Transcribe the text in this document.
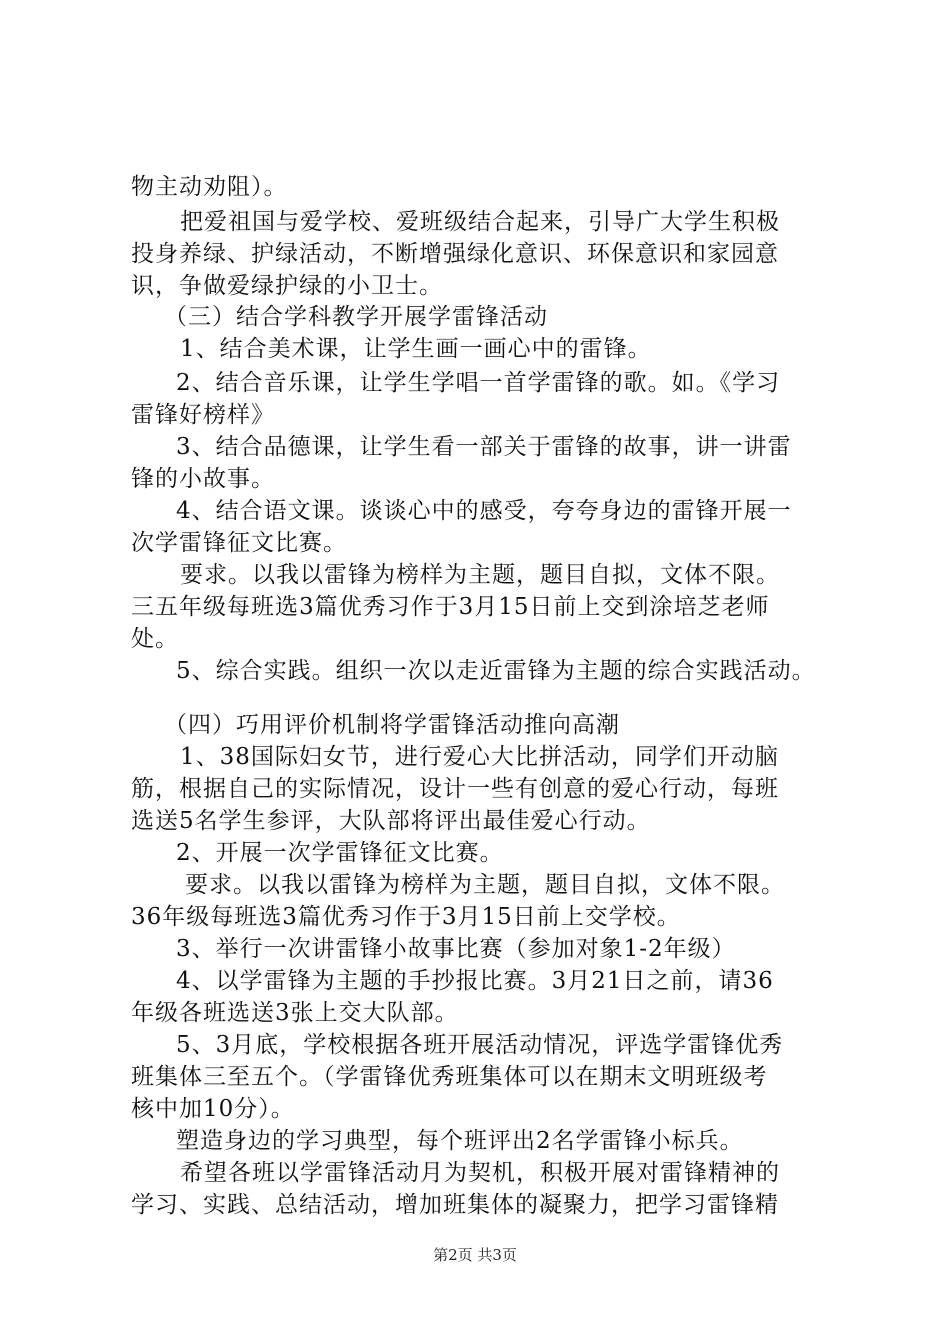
物主动劝阻）。
把爱祖国与爱学校、爱班级结合起来，引导广大学生积极
投身养绿、护绿活动，不断增强绿化意识、环保意识和家园意
识，争做爱绿护绿的小卫士。
（三）结合学科教学开展学雷锋活动
1、结合美术课，让学生画一画心中的雷锋。
2、结合音乐课，让学生学唱一首学雷锋的歌。如。《学习
雷锋好榜样》
3、结合品德课，让学生看一部关于雷锋的故事，讲一讲雷
锋的小故事。
4、结合语文课。谈谈心中的感受，夸夸身边的雷锋开展一
次学雷锋征文比赛。
要求。以我以雷锋为榜样为主题，题目自拟，文体不限。
三五年级每班选3篇优秀习作于3月15日前上交到涂培芝老师
处。
5、综合实践。组织一次以走近雷锋为主题的综合实践活动。
（四）巧用评价机制将学雷锋活动推向高潮
1、38国际妇女节，进行爱心大比拼活动，同学们开动脑
筋，根据自己的实际情况，设计一些有创意的爱心行动，每班
选送5名学生参评，大队部将评出最佳爱心行动。
2、开展一次学雷锋征文比赛。
要求。以我以雷锋为榜样为主题，题目自拟，文体不限。
36年级每班选3篇优秀习作于3月15日前上交学校。
3、举行一次讲雷锋小故事比赛（参加对象1-2年级）
4、以学雷锋为主题的手抄报比赛。3月21日之前，请36
年级各班选送3张上交大队部。
5、3月底，学校根据各班开展活动情况，评选学雷锋优秀
班集体三至五个。（学雷锋优秀班集体可以在期末文明班级考
核中加10分）。
塑造身边的学习典型，每个班评出2名学雷锋小标兵。
希望各班以学雷锋活动月为契机，积极开展对雷锋精神的
学习、实践、总结活动，增加班集体的凝聚力，把学习雷锋精
第2页 共3页
